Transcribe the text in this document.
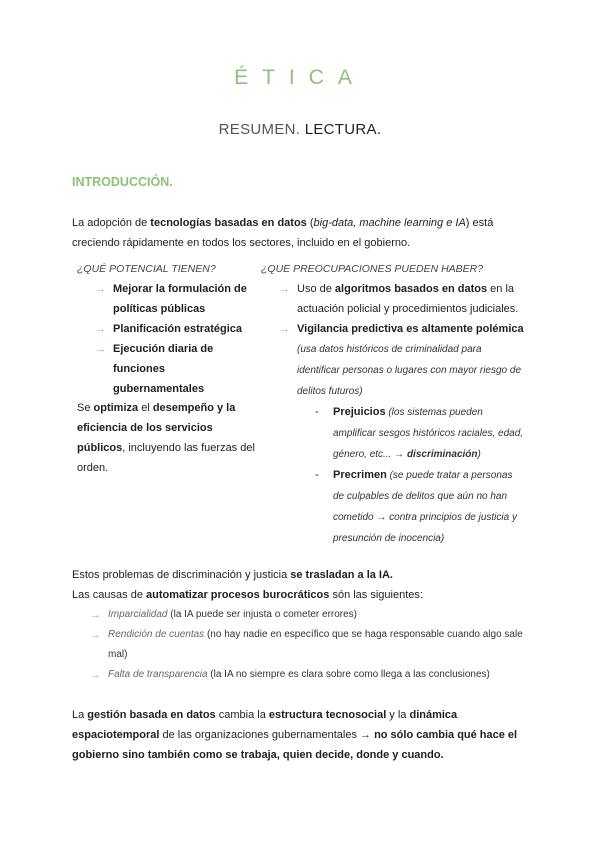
ÉTICA
RESUMEN. LECTURA.
INTRODUCCIÓN.
La adopción de tecnologías basadas en datos (big-data, machine learning e IA) está creciendo rápidamente en todos los sectores, incluido en el gobierno.
¿QUÉ POTENCIAL TIENEN?
→ Mejorar la formulación de políticas públicas
→ Planificación estratégica
→ Ejecución diaria de funciones gubernamentales
Se optimiza el desempeño y la eficiencia de los servicios públicos, incluyendo las fuerzas del orden.
¿QUE PREOCUPACIONES PUEDEN HABER?
→ Uso de algoritmos basados en datos en la actuación policial y procedimientos judiciales.
→ Vigilancia predictiva es altamente polémica
(usa datos históricos de criminalidad para identificar personas o lugares con mayor riesgo de delitos futuros)
-	Prejuicios (los sistemas pueden amplificar sesgos históricos raciales, edad, género, etc... → discriminación)
-	Precrimen (se puede tratar a personas de culpables de delitos que aún no han cometido → contra principios de justicia y presunción de inocencia)
Estos problemas de discriminación y justicia se trasladan a la IA.
Las causas de automatizar procesos burocráticos són las siguientes:
→ Imparcialidad (la IA puede ser injusta o cometer errores)
→ Rendición de cuentas (no hay nadie en específico que se haga responsable cuando algo sale mal)
→ Falta de transparencia (la IA no siempre es clara sobre como llega a las conclusiones)
La gestión basada en datos cambia la estructura tecnosocial y la dinámica espaciotemporal de las organizaciones gubernamentales → no sólo cambia qué hace el gobierno sino también como se trabaja, quien decide, donde y cuando.
